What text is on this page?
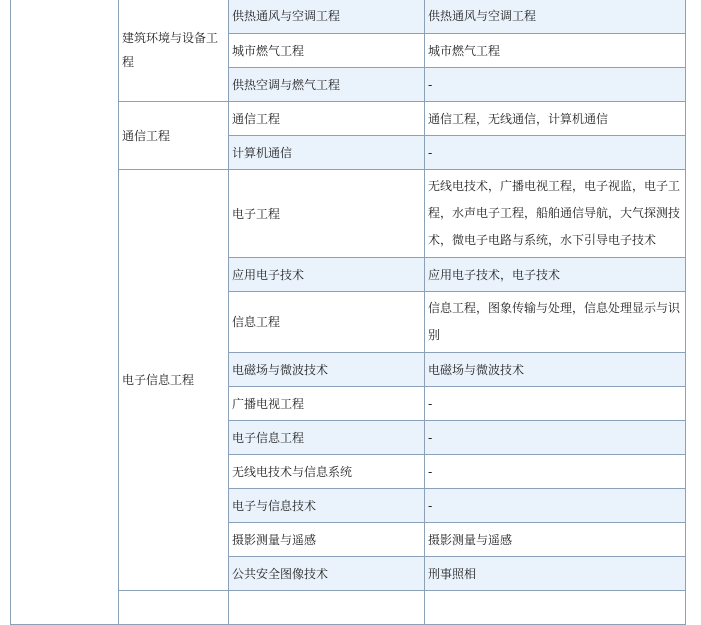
	建筑环境与设备工程	供热通风与空调工程	供热通风与空调工程
		城市燃气工程	城市燃气工程
		供热空调与燃气工程	-
	通信工程	通信工程	通信工程，无线通信，计算机通信
		计算机通信	-
	电子信息工程	电子工程	无线电技术，广播电视工程，电子视监，电子工程，水声电子工程，船舶通信导航，大气探测技术，微电子电路与系统，水下引导电子技术
		应用电子技术	应用电子技术，电子技术
		信息工程	信息工程，图象传输与处理，信息处理显示与识别
		电磁场与微波技术	电磁场与微波技术
		广播电视工程	-
		电子信息工程	-
		无线电技术与信息系统	-
		电子与信息技术	-
		摄影测量与遥感	摄影测量与遥感
		公共安全图像技术	刑事照相
